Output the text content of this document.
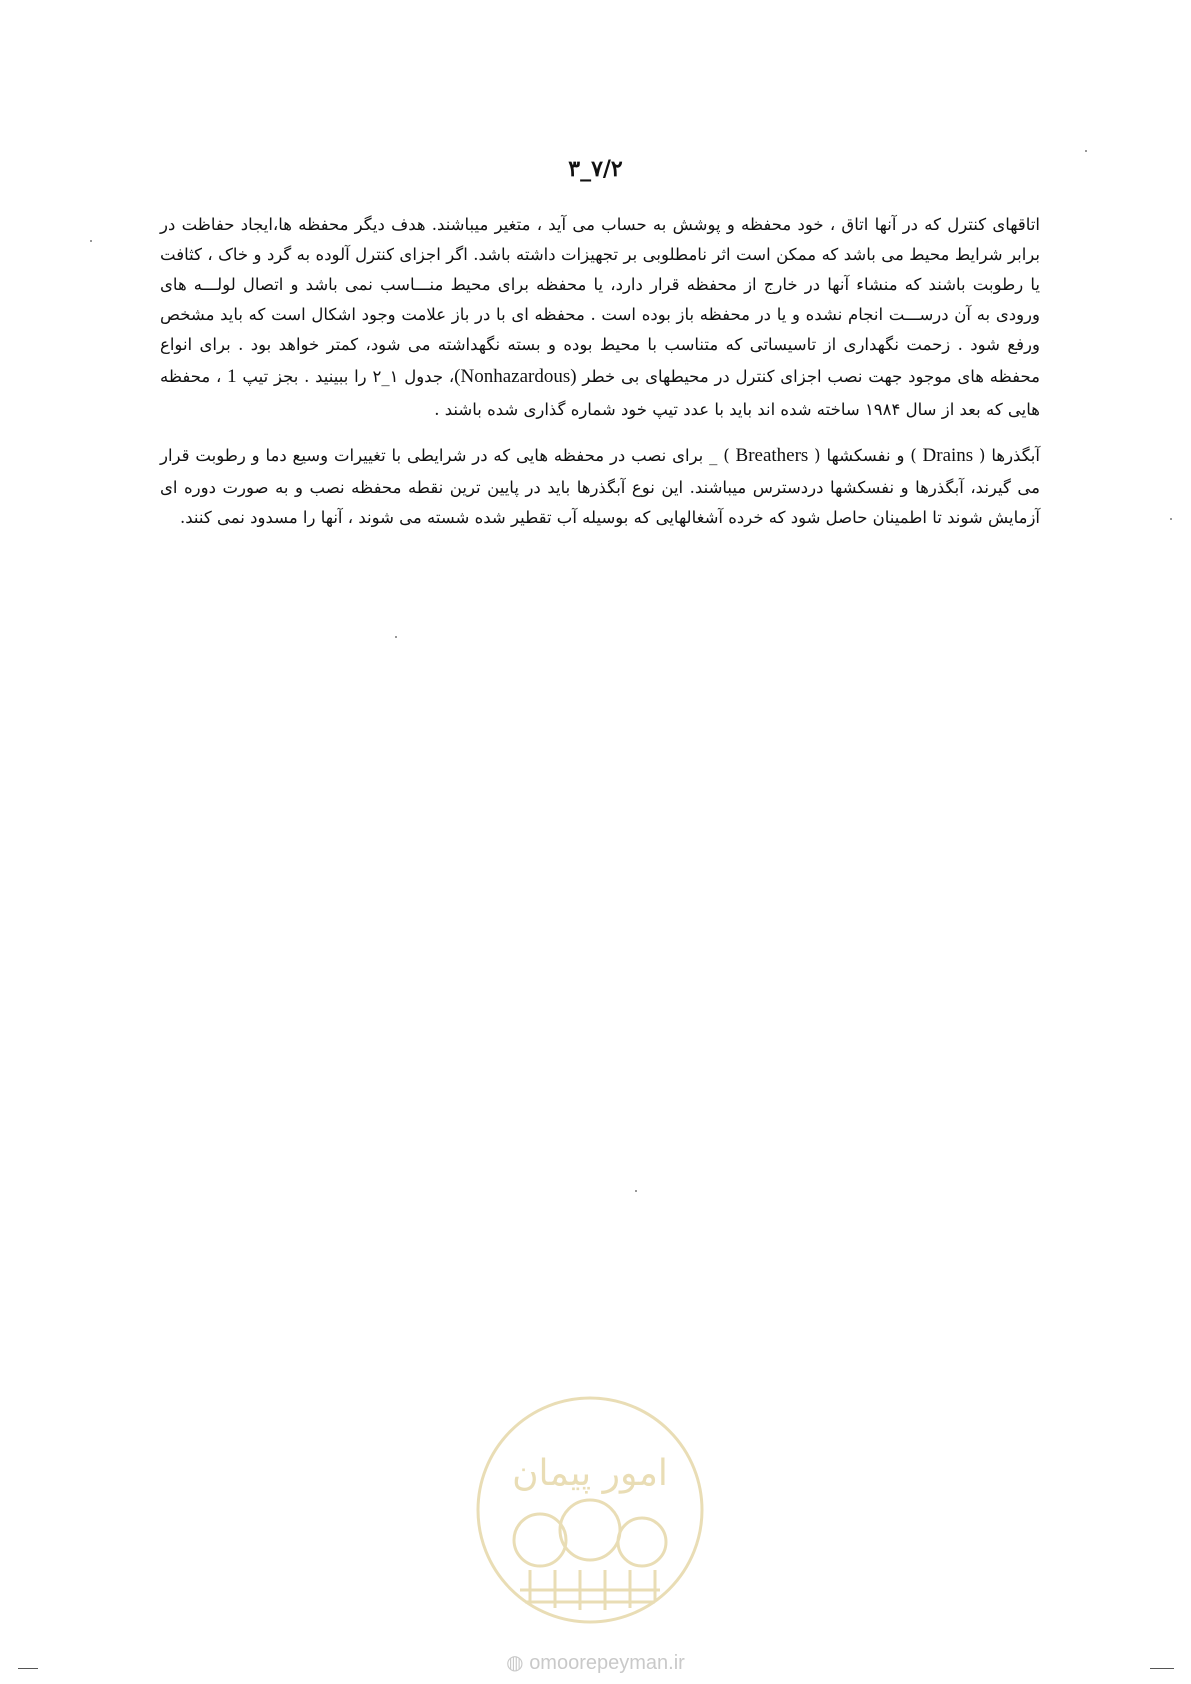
۷/۲_۳

اتاقهای کنترل که در آنها اتاق ، خود محفظه و پوشش به حساب می آید ، متغیر میباشند. هدف دیگر محفظه ها،ایجاد حفاظت در برابر شرایط محیط می باشد که ممکن است اثر نامطلوبی بر تجهیزات داشته باشد. اگر اجزای کنترل آلوده به گرد و خاک ، کثافت یا رطوبت باشند که منشاء آنها در خارج از محفظه قرار دارد، یا محفظه برای محیط منـــاسب نمی باشد و اتصال لولـــه های ورودی به آن درســـت انجام نشده و یا در محفظه باز بوده است . محفظه ای با در باز علامت وجود اشکال است که باید مشخص ورفع شود . زحمت نگهداری از تاسیساتی که متناسب با محیط بوده و بسته نگهداشته می شود، کمتر خواهد بود . برای انواع محفظه های موجود جهت نصب اجزای کنترل در محیطهای بی خطر (Nonhazardous)، جدول ۱_۲ را ببینید . بجز تیپ 1 ، محفظه هایی که بعد از سال ۱۹۸۴ ساخته شده اند باید با عدد تیپ خود شماره گذاری شده باشند .

آبگذرها ( Drains ) و نفسکشها ( Breathers ) _ برای نصب در محفظه هایی که در شرایطی با تغییرات وسیع دما و رطوبت قرار می گیرند، آبگذرها و نفسکشها دردسترس میباشند. این نوع آبگذرها باید در پایین ترین نقطه محفظه نصب و به صورت دوره ای آزمایش شوند تا اطمینان حاصل شود که خرده آشغالهایی که بوسیله آب تقطیر شده شسته می شوند ، آنها را مسدود نمی کنند.

امور پیمان
◍ omoorepeyman.ir
